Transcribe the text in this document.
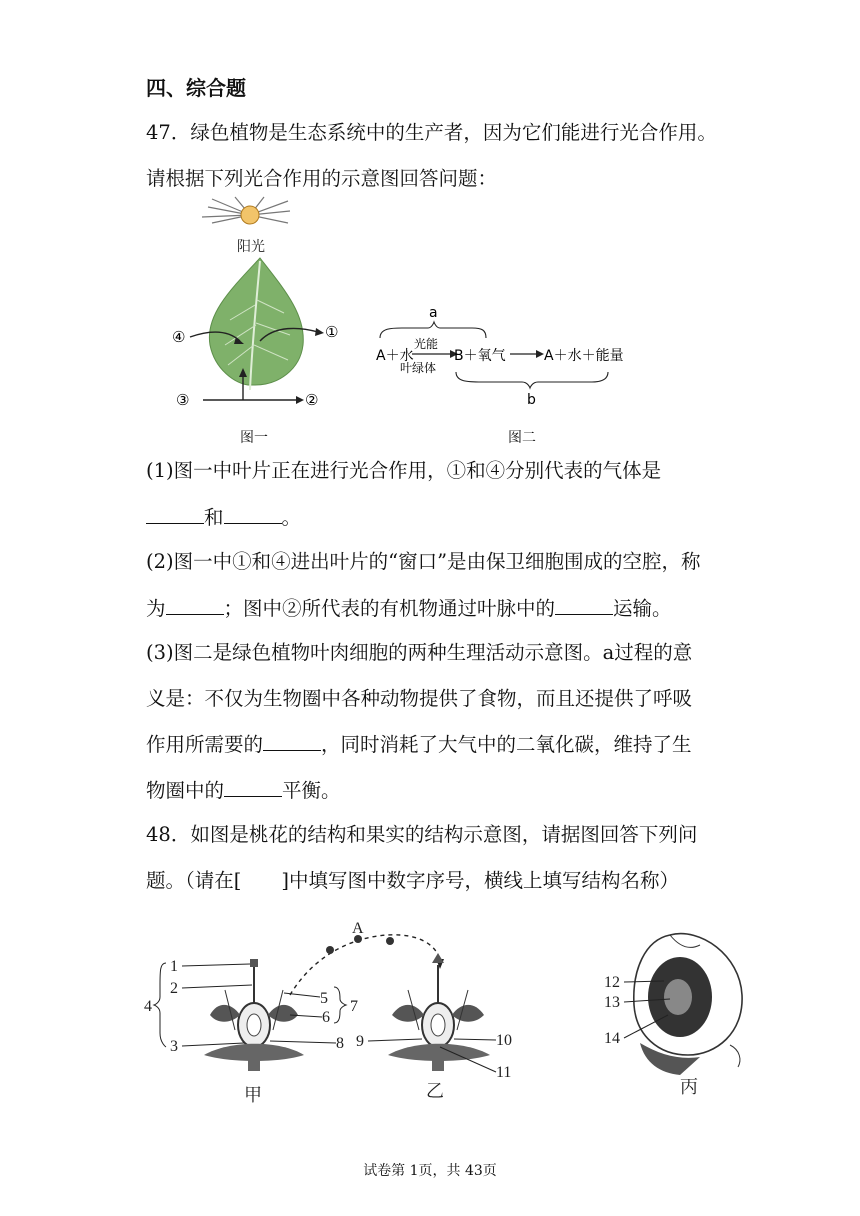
四、综合题
47．绿色植物是生态系统中的生产者，因为它们能进行光合作用。
请根据下列光合作用的示意图回答问题：
阳光
④	①
③	②
图一
a
A＋水
光能
叶绿体
B＋氧气	A＋水＋能量
b
图二
(1)图一中叶片正在进行光合作用，①和④分别代表的气体是
和	。
(2)图一中①和④进出叶片的“窗口”是由保卫细胞围成的空腔，称
为	；图中②所代表的有机物通过叶脉中的	运输。
(3)图二是绿色植物叶肉细胞的两种生理活动示意图。a过程的意
义是：不仅为生物圈中各种动物提供了食物，而且还提供了呼吸
作用所需要的	，同时消耗了大气中的二氧化碳，维持了生
物圈中的	平衡。
48．如图是桃花的结构和果实的结构示意图，请据图回答下列问
题。（请在[ ]中填写图中数字序号，横线上填写结构名称）
A
4
1
2
3
5
6
7
8 9	10
11
甲	乙
12
13
14
丙
试卷第 1页，共 43页
